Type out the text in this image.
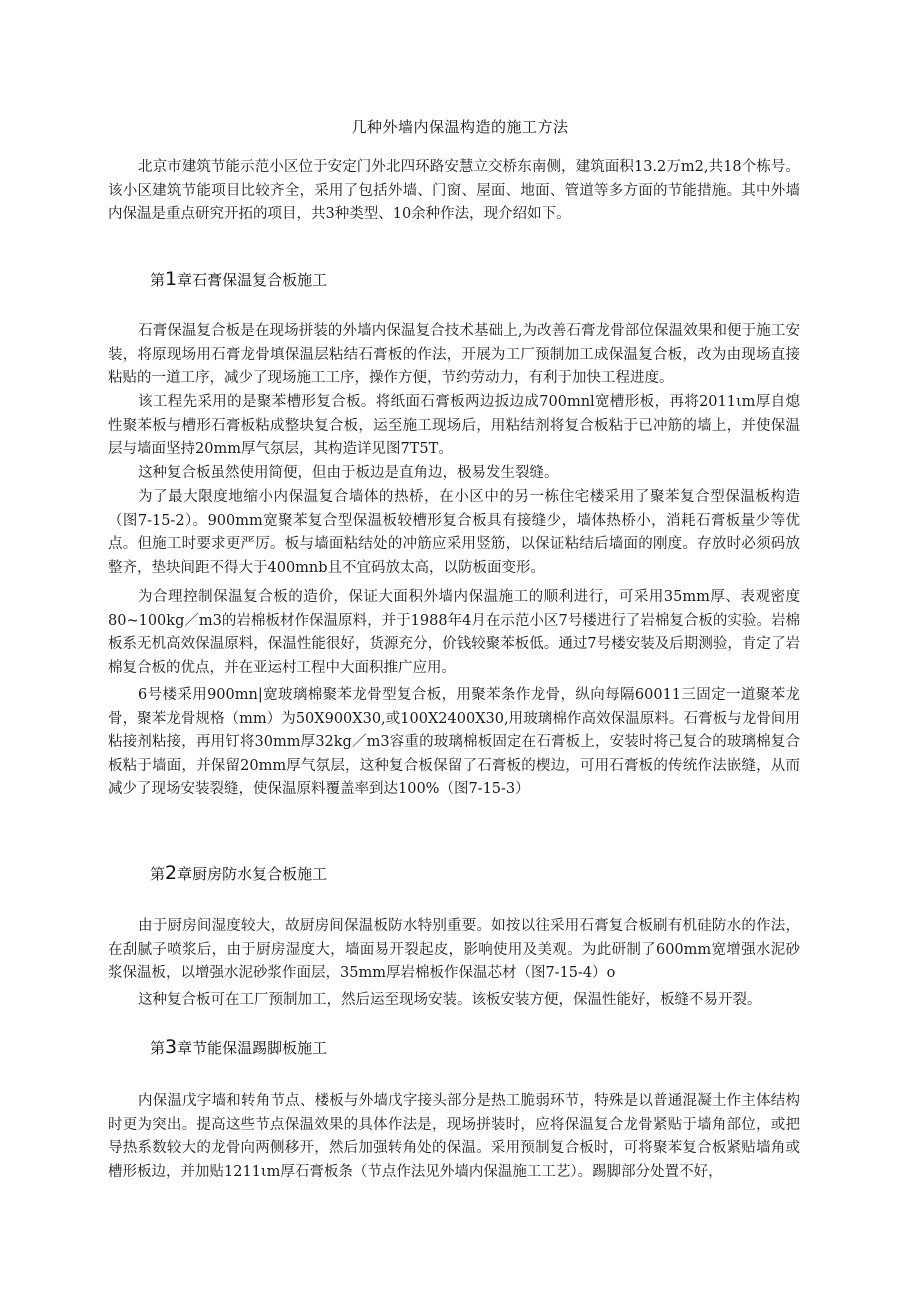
几种外墙内保温构造的施工方法

北京市建筑节能示范小区位于安定门外北四环路安慧立交桥东南侧，建筑面积13.2万m2,共18个栋号。该小区建筑节能项目比较齐全，采用了包括外墙、门窗、屋面、地面、管道等多方面的节能措施。其中外墙内保温是重点研究开拓的项目，共3种类型、10余种作法，现介绍如下。

第1章石膏保温复合板施工

石膏保温复合板是在现场拼装的外墙内保温复合技术基础上,为改善石膏龙骨部位保温效果和便于施工安装，将原现场用石膏龙骨填保温层粘结石膏板的作法，开展为工厂预制加工成保温复合板，改为由现场直接粘贴的一道工序，减少了现场施工工序，操作方便，节约劳动力，有利于加快工程进度。

该工程先采用的是聚苯槽形复合板。将纸面石膏板两边扳边成700mnl宽槽形板，再将2011ιm厚自熄性聚苯板与槽形石膏板粘成整块复合板，运至施工现场后，用粘结剂将复合板粘于已冲筋的墙上，并使保温层与墙面坚持20mm厚气氛层，其构造详见图7T5T。

这种复合板虽然使用简便，但由于板边是直角边，极易发生裂缝。

为了最大限度地缩小内保温复合墙体的热桥，在小区中的另一栋住宅楼采用了聚苯复合型保温板构造（图7-15-2）。900mm宽聚苯复合型保温板较槽形复合板具有接缝少，墙体热桥小，消耗石膏板量少等优点。但施工时要求更严厉。板与墙面粘结处的冲筋应采用竖筋，以保证粘结后墙面的刚度。存放时必须码放整齐，垫块间距不得大于400mnb且不宜码放太高，以防板面变形。

为合理控制保温复合板的造价，保证大面积外墙内保温施工的顺利进行，可采用35mm厚、表观密度80~100kg／m3的岩棉板材作保温原料，并于1988年4月在示范小区7号楼进行了岩棉复合板的实验。岩棉板系无机高效保温原料，保温性能很好，货源充分，价钱较聚苯板低。通过7号楼安装及后期测验，肯定了岩棉复合板的优点，并在亚运村工程中大面积推广应用。

6号楼采用900mn|宽玻璃棉聚苯龙骨型复合板，用聚苯条作龙骨，纵向每隔60011三固定一道聚苯龙骨，聚苯龙骨规格（mm）为50X900X30,或100X2400X30,用玻璃棉作高效保温原料。石膏板与龙骨间用粘接剂粘接，再用钉将30mm厚32kg／m3容重的玻璃棉板固定在石膏板上，安装时将己复合的玻璃棉复合板粘于墙面，并保留20mm厚气氛层，这种复合板保留了石膏板的楔边，可用石膏板的传统作法嵌缝，从而减少了现场安装裂缝，使保温原料覆盖率到达100%（图7-15-3）

第2章厨房防水复合板施工

由于厨房间湿度较大，故厨房间保温板防水特别重要。如按以往采用石膏复合板刷有机硅防水的作法，在刮腻子喷浆后，由于厨房湿度大，墙面易开裂起皮，影响使用及美观。为此研制了600mm宽增强水泥砂浆保温板，以增强水泥砂浆作面层，35mm厚岩棉板作保温芯材（图7-15-4）o

这种复合板可在工厂预制加工，然后运至现场安装。该板安装方便，保温性能好，板缝不易开裂。

第3章节能保温踢脚板施工

内保温戊字墙和转角节点、楼板与外墙戊字接头部分是热工脆弱环节，特殊是以普通混凝土作主体结构时更为突出。提高这些节点保温效果的具体作法是，现场拼装时，应将保温复合龙骨紧贴于墙角部位，或把导热系数较大的龙骨向两侧移开，然后加强转角处的保温。采用预制复合板时，可将聚苯复合板紧贴墙角或槽形板边，并加贴1211ιm厚石膏板条（节点作法见外墙内保温施工工艺）。踢脚部分处置不好，
